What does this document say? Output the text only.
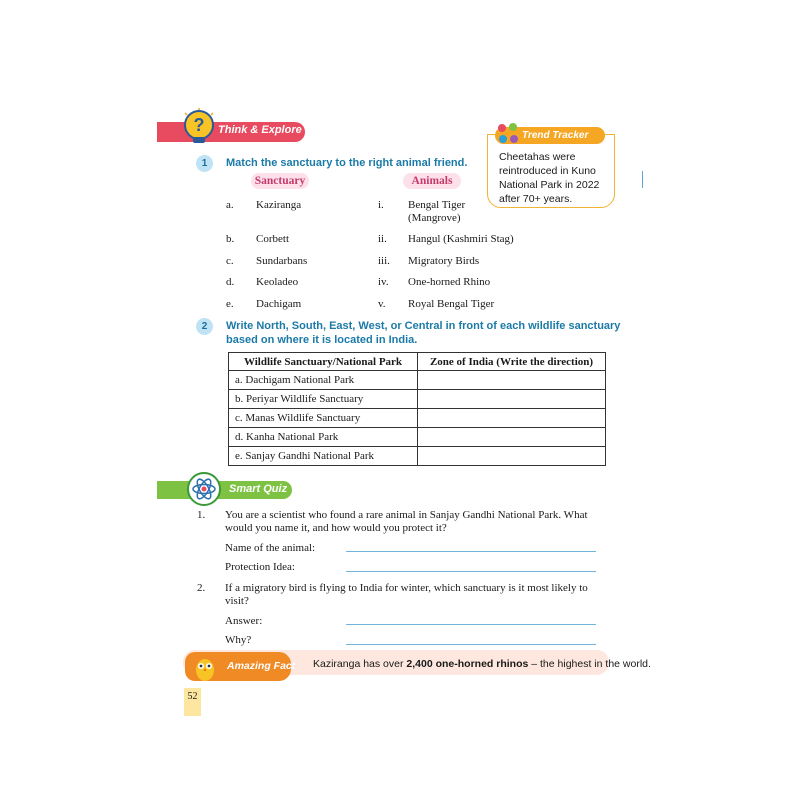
? Think & Explore	Trend Tracker
Cheetahas were
reintroduced in Kuno
National Park in 2022
after 70+ years.
1	Match the sanctuary to the right animal friend.
Sanctuary	Animals
a. Kaziranga	i. Bengal Tiger
(Mangrove)
b. Corbett	ii. Hangul (Kashmiri Stag)
c. Sundarbans	iii. Migratory Birds
d. Keoladeo	iv. One-horned Rhino
e. Dachigam	v. Royal Bengal Tiger
2	Write North, South, East, West, or Central in front of each wildlife sanctuary
based on where it is located in India.
Wildlife Sanctuary/National Park	Zone of India (Write the direction)
a. Dachigam National Park	
b. Periyar Wildlife Sanctuary	
c. Manas Wildlife Sanctuary	
d. Kanha National Park	
e. Sanjay Gandhi National Park	
Smart Quiz
1. You are a scientist who found a rare animal in Sanjay Gandhi National Park. What
would you name it, and how would you protect it?
Name of the animal:
Protection Idea:
2. If a migratory bird is flying to India for winter, which sanctuary is it most likely to
visit?
Answer:
Why?
Amazing Fact Kaziranga has over 2,400 one-horned rhinos – the highest in the world.
52
